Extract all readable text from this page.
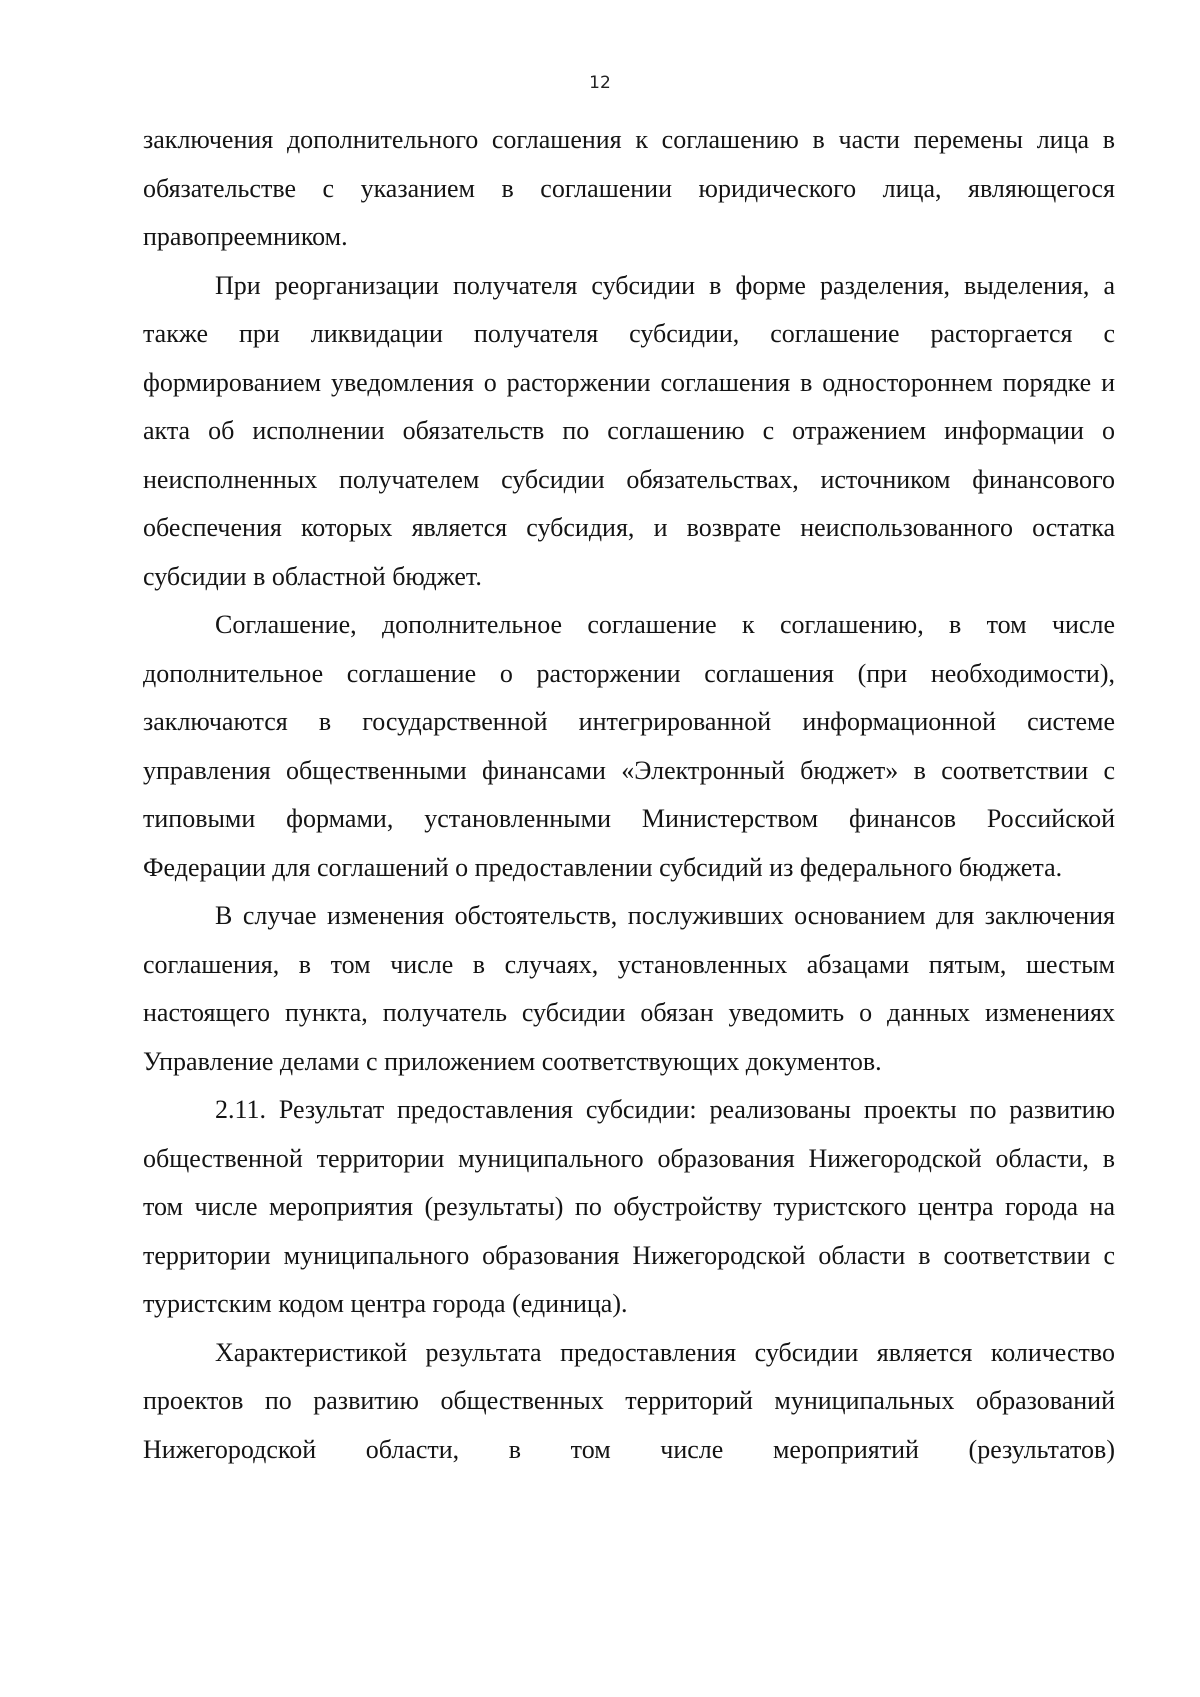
12

заключения дополнительного соглашения к соглашению в части перемены лица в обязательстве с указанием в соглашении юридического лица, являющегося правопреемником.

При реорганизации получателя субсидии в форме разделения, выделения, а также при ликвидации получателя субсидии, соглашение расторгается с формированием уведомления о расторжении соглашения в одностороннем порядке и акта об исполнении обязательств по соглашению с отражением информации о неисполненных получателем субсидии обязательствах, источником финансового обеспечения которых является субсидия, и возврате неиспользованного остатка субсидии в областной бюджет.

Соглашение, дополнительное соглашение к соглашению, в том числе дополнительное соглашение о расторжении соглашения (при необходимости), заключаются в государственной интегрированной информационной системе управления общественными финансами «Электронный бюджет» в соответствии с типовыми формами, установленными Министерством финансов Российской Федерации для соглашений о предоставлении субсидий из федерального бюджета.

В случае изменения обстоятельств, послуживших основанием для заключения соглашения, в том числе в случаях, установленных абзацами пятым, шестым настоящего пункта, получатель субсидии обязан уведомить о данных изменениях Управление делами с приложением соответствующих документов.

2.11. Результат предоставления субсидии: реализованы проекты по развитию общественной территории муниципального образования Нижегородской области, в том числе мероприятия (результаты) по обустройству туристского центра города на территории муниципального образования Нижегородской области в соответствии с туристским кодом центра города (единица).

Характеристикой результата предоставления субсидии является количество проектов по развитию общественных территорий муниципальных образований Нижегородской области, в том числе мероприятий (результатов)
